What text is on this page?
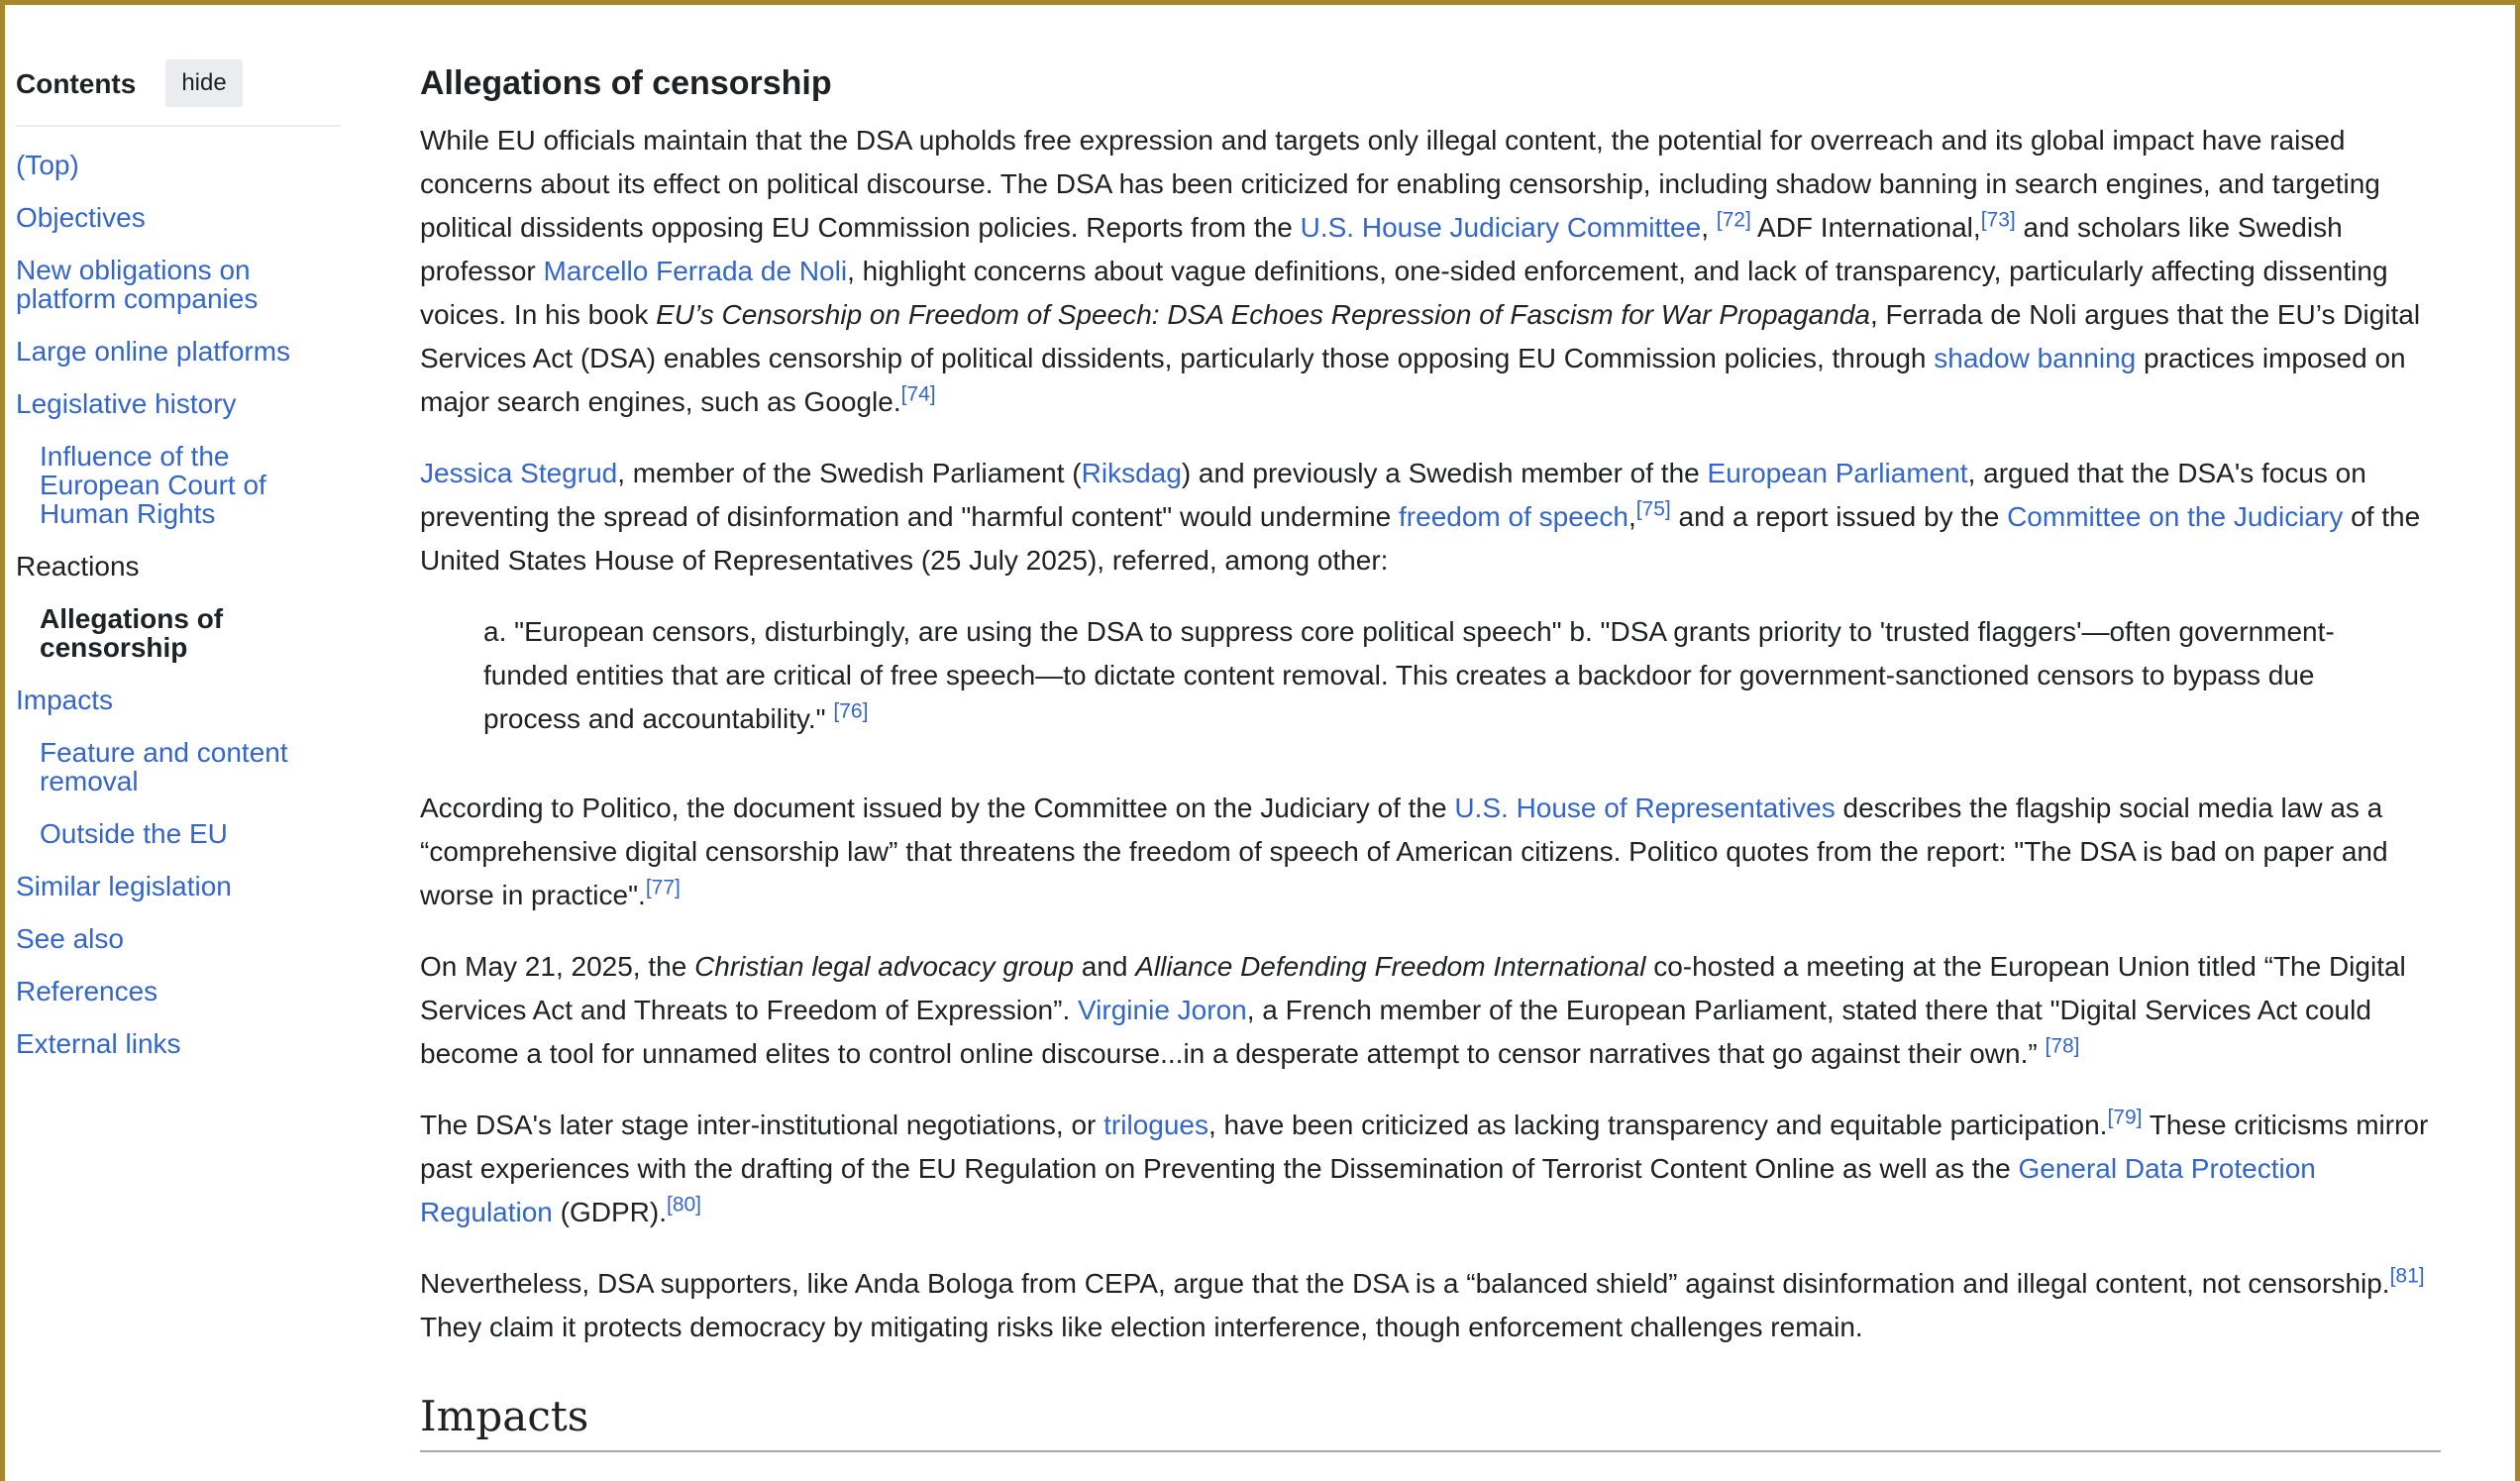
Contents	hide
(Top)
Objectives
New obligations on platform companies
Large online platforms
Legislative history
Influence of the European Court of Human Rights
Reactions
Allegations of censorship
Impacts
Feature and content removal
Outside the EU
Similar legislation
See also
References
External links
Allegations of censorship

While EU officials maintain that the DSA upholds free expression and targets only illegal content, the potential for overreach and its global impact have raised concerns about its effect on political discourse. The DSA has been criticized for enabling censorship, including shadow banning in search engines, and targeting political dissidents opposing EU Commission policies. Reports from the U.S. House Judiciary Committee, [72] ADF International,[73] and scholars like Swedish professor Marcello Ferrada de Noli, highlight concerns about vague definitions, one-sided enforcement, and lack of transparency, particularly affecting dissenting voices. In his book EU’s Censorship on Freedom of Speech: DSA Echoes Repression of Fascism for War Propaganda, Ferrada de Noli argues that the EU’s Digital Services Act (DSA) enables censorship of political dissidents, particularly those opposing EU Commission policies, through shadow banning practices imposed on major search engines, such as Google.[74]

Jessica Stegrud, member of the Swedish Parliament (Riksdag) and previously a Swedish member of the European Parliament, argued that the DSA's focus on preventing the spread of disinformation and "harmful content" would undermine freedom of speech,[75] and a report issued by the Committee on the Judiciary of the United States House of Representatives (25 July 2025), referred, among other:

a. "European censors, disturbingly, are using the DSA to suppress core political speech" b. "DSA grants priority to 'trusted flaggers'—often government-funded entities that are critical of free speech—to dictate content removal. This creates a backdoor for government-sanctioned censors to bypass due process and accountability." [76]

According to Politico, the document issued by the Committee on the Judiciary of the U.S. House of Representatives describes the flagship social media law as a “comprehensive digital censorship law” that threatens the freedom of speech of American citizens. Politico quotes from the report: "The DSA is bad on paper and worse in practice".[77]

On May 21, 2025, the Christian legal advocacy group and Alliance Defending Freedom International co-hosted a meeting at the European Union titled “The Digital Services Act and Threats to Freedom of Expression”. Virginie Joron, a French member of the European Parliament, stated there that "Digital Services Act could become a tool for unnamed elites to control online discourse...in a desperate attempt to censor narratives that go against their own.” [78]

The DSA's later stage inter-institutional negotiations, or trilogues, have been criticized as lacking transparency and equitable participation.[79] These criticisms mirror past experiences with the drafting of the EU Regulation on Preventing the Dissemination of Terrorist Content Online as well as the General Data Protection Regulation (GDPR).[80]

Nevertheless, DSA supporters, like Anda Bologa from CEPA, argue that the DSA is a “balanced shield” against disinformation and illegal content, not censorship.[81] They claim it protects democracy by mitigating risks like election interference, though enforcement challenges remain.

Impacts
